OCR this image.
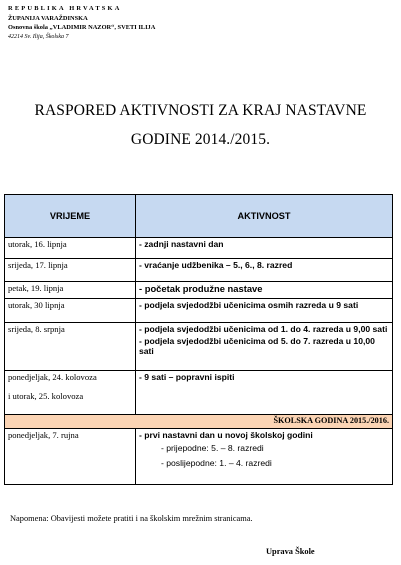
REPUBLIKA HRVATSKA
ŽUPANIJA VARAŽDINSKA
Osnovna škola „VLADIMIR NAZOR“, SVETI ILIJA
42214 Sv. Ilija, Školska 7
RASPORED AKTIVNOSTI ZA KRAJ NASTAVNE
GODINE 2014./2015.
VRIJEME	AKTIVNOST
utorak, 16. lipnja	- zadnji nastavni dan
srijeda, 17. lipnja	- vraćanje udžbenika – 5., 6., 8. razred
petak, 19. lipnja	- početak produžne nastave
utorak, 30 lipnja	- podjela svjedodžbi učenicima osmih razreda u 9 sati
srijeda, 8. srpnja	- podjela svjedodžbi učenicima od 1. do 4. razreda u 9,00 sati
- podjela svjedodžbi učenicima od 5. do 7. razreda u 10,00 sati

ponedjeljak, 24. kolovoza
i utorak, 25. kolovoza	- 9 sati – popravni ispiti
ŠKOLSKA GODINA 2015./2016.	
ponedjeljak, 7. rujna	- prvi nastavni dan u novoj školskoj godini
- prijepodne: 5. – 8. razredi
- poslijepodne: 1. – 4. razredi
Napomena: Obavijesti možete pratiti i na školskim mrežnim stranicama.
Uprava Škole
